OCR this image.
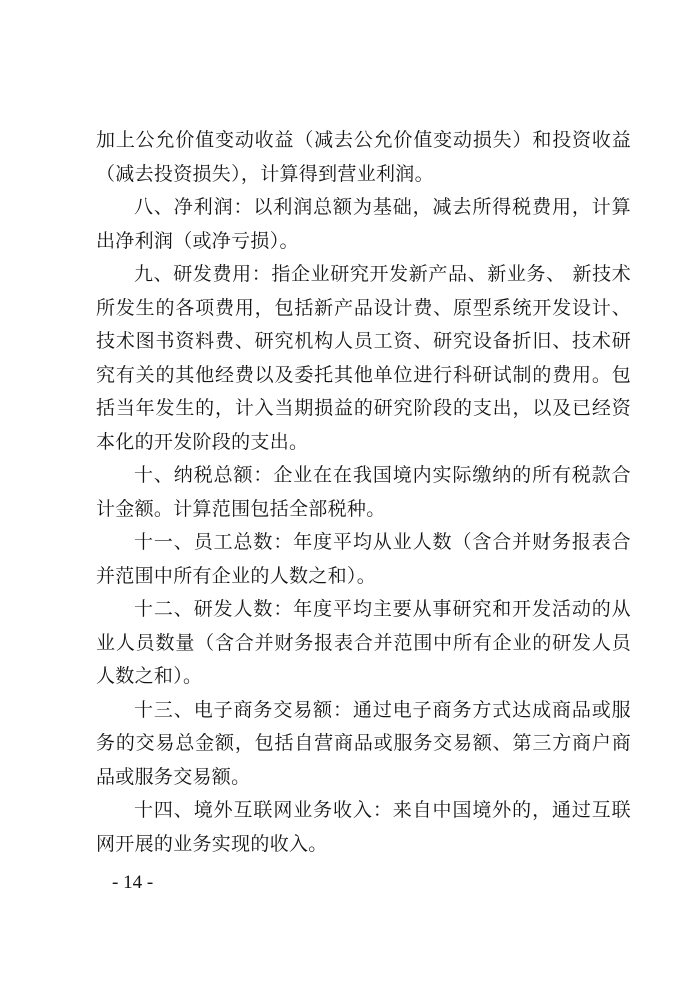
加上公允价值变动收益（减去公允价值变动损失）和投资收益（减去投资损失），计算得到营业利润。

八、净利润：以利润总额为基础，减去所得税费用，计算出净利润（或净亏损）。

九、研发费用：指企业研究开发新产品、新业务、 新技术所发生的各项费用，包括新产品设计费、原型系统开发设计、技术图书资料费、研究机构人员工资、研究设备折旧、技术研究有关的其他经费以及委托其他单位进行科研试制的费用。包括当年发生的，计入当期损益的研究阶段的支出，以及已经资本化的开发阶段的支出。

十、纳税总额：企业在在我国境内实际缴纳的所有税款合计金额。计算范围包括全部税种。

十一、员工总数：年度平均从业人数（含合并财务报表合并范围中所有企业的人数之和）。

十二、研发人数：年度平均主要从事研究和开发活动的从业人员数量（含合并财务报表合并范围中所有企业的研发人员人数之和）。

十三、电子商务交易额：通过电子商务方式达成商品或服务的交易总金额，包括自营商品或服务交易额、第三方商户商品或服务交易额。

十四、境外互联网业务收入：来自中国境外的，通过互联网开展的业务实现的收入。

- 14 -
